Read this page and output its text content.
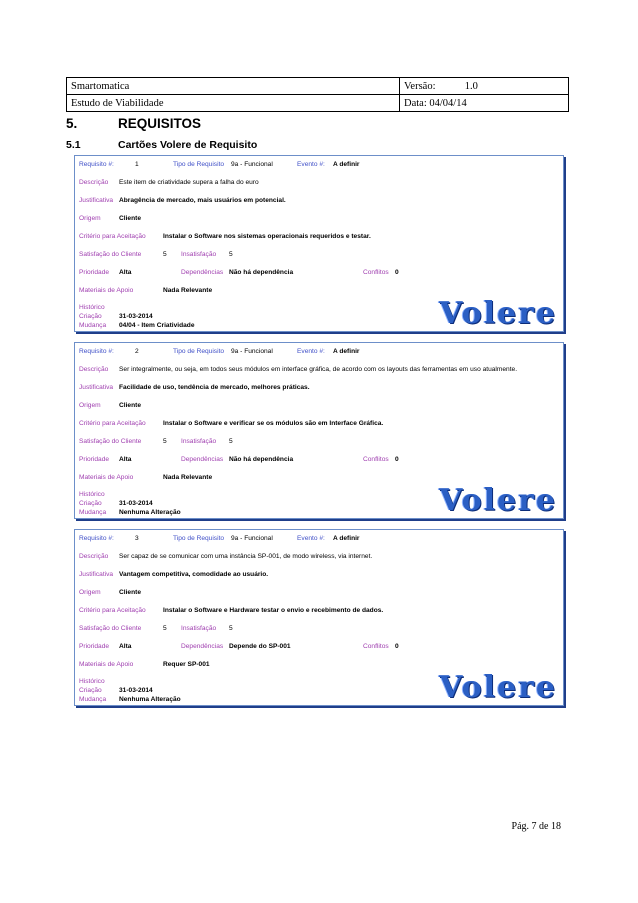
Smartomatica	Versão: 1.0
Estudo de Viabilidade	Data: 04/04/14
5.	REQUISITOS
5.1	Cartões Volere de Requisito
Requisito #:	1	Tipo de Requisito 9a - Funcional	Evento #: A definir
Descrição Este item de criatividade supera a falha do euro
Justificativa Abragência de mercado, mais usuários em potencial.
Origem	Cliente
Critério para Aceitação	Instalar o Software nos sistemas operacionais requeridos e testar.
Satisfação do Cliente	5 Insatisfação 5
Prioridade Alta	Dependências Não há dependência	Conflitos 0
Materiais de Apoio	Nada Relevante
Histórico
Criação	31-03-2014
Mudança 04/04 - Item Criatividade	Volere
Requisito #:	2	Tipo de Requisito 9a - Funcional	Evento #: A definir
Descrição Ser integralmente, ou seja, em todos seus módulos em interface gráfica, de acordo com os layouts das ferramentas em uso atualmente.
Justificativa Facilidade de uso, tendência de mercado, melhores práticas.
Origem	Cliente
Critério para Aceitação	Instalar o Software e verificar se os módulos são em Interface Gráfica.
Satisfação do Cliente	5 Insatisfação 5
Prioridade Alta	Dependências Não há dependência	Conflitos 0
Materiais de Apoio	Nada Relevante
Histórico
Criação	31-03-2014
Mudança Nenhuma Alteração	Volere
Requisito #:	3	Tipo de Requisito 9a - Funcional	Evento #: A definir
Descrição Ser capaz de se comunicar com uma instância SP-001, de modo wireless, via internet.
Justificativa Vantagem competitiva, comodidade ao usuário.
Origem	Cliente
Critério para Aceitação	Instalar o Software e Hardware testar o envio e recebimento de dados.
Satisfação do Cliente	5 Insatisfação 5
Prioridade Alta	Dependências Depende do SP-001	Conflitos 0
Materiais de Apoio	Requer SP-001
Histórico
Criação	31-03-2014
Mudança Nenhuma Alteração	Volere
Pág. 7 de 18
